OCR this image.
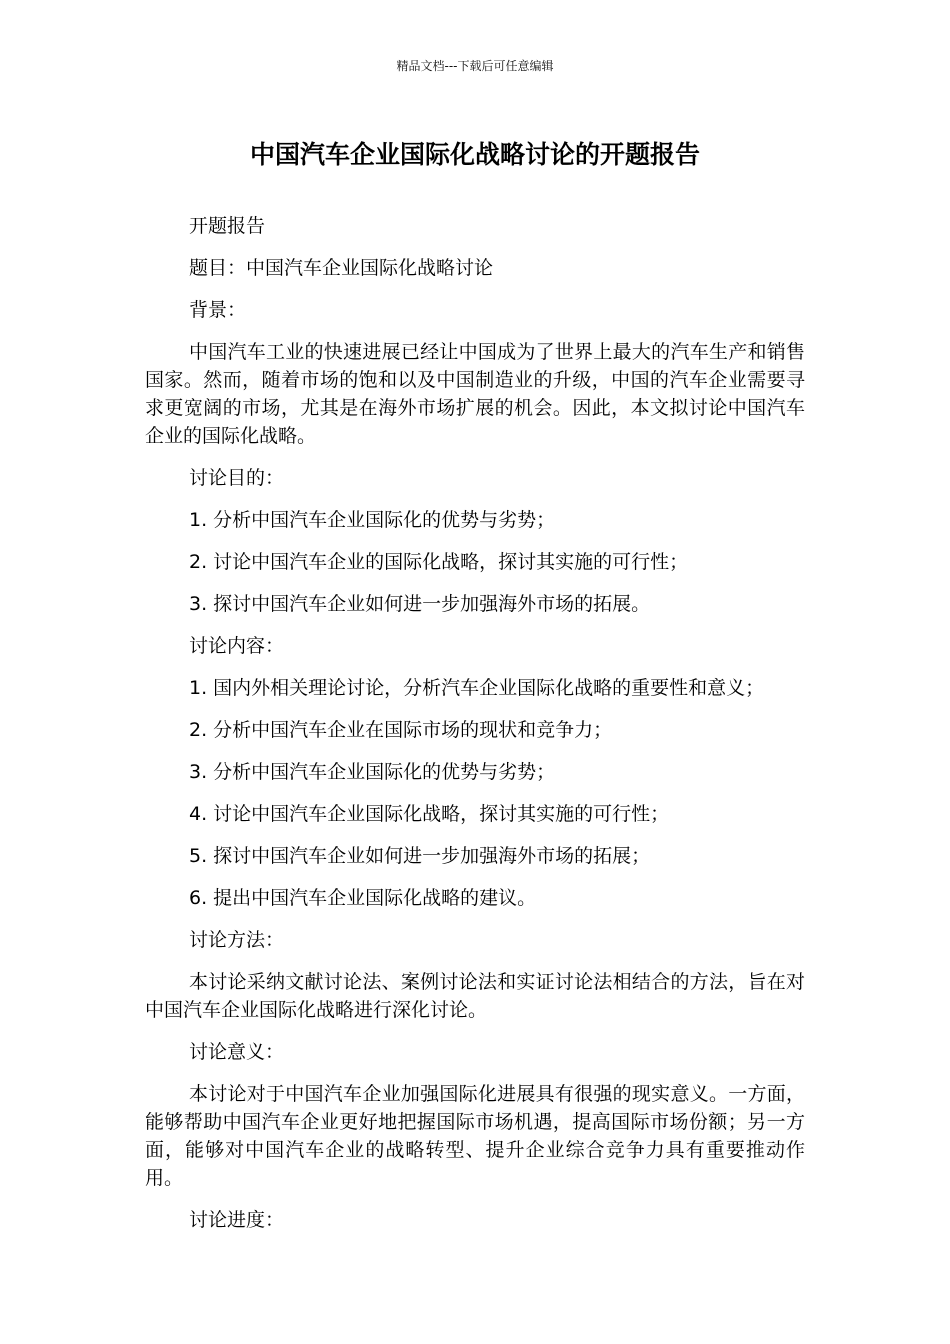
精品文档---下载后可任意编辑
中国汽车企业国际化战略讨论的开题报告

开题报告

题目：中国汽车企业国际化战略讨论

背景：

中国汽车工业的快速进展已经让中国成为了世界上最大的汽车生产和销售国家。然而，随着市场的饱和以及中国制造业的升级，中国的汽车企业需要寻求更宽阔的市场，尤其是在海外市场扩展的机会。因此，本文拟讨论中国汽车企业的国际化战略。

讨论目的：

1. 分析中国汽车企业国际化的优势与劣势；

2. 讨论中国汽车企业的国际化战略，探讨其实施的可行性；

3. 探讨中国汽车企业如何进一步加强海外市场的拓展。

讨论内容：

1. 国内外相关理论讨论，分析汽车企业国际化战略的重要性和意义；

2. 分析中国汽车企业在国际市场的现状和竞争力；

3. 分析中国汽车企业国际化的优势与劣势；

4. 讨论中国汽车企业国际化战略，探讨其实施的可行性；

5. 探讨中国汽车企业如何进一步加强海外市场的拓展；

6. 提出中国汽车企业国际化战略的建议。

讨论方法：

本讨论采纳文献讨论法、案例讨论法和实证讨论法相结合的方法，旨在对中国汽车企业国际化战略进行深化讨论。

讨论意义：

本讨论对于中国汽车企业加强国际化进展具有很强的现实意义。一方面，能够帮助中国汽车企业更好地把握国际市场机遇，提高国际市场份额；另一方面，能够对中国汽车企业的战略转型、提升企业综合竞争力具有重要推动作用。

讨论进度：
